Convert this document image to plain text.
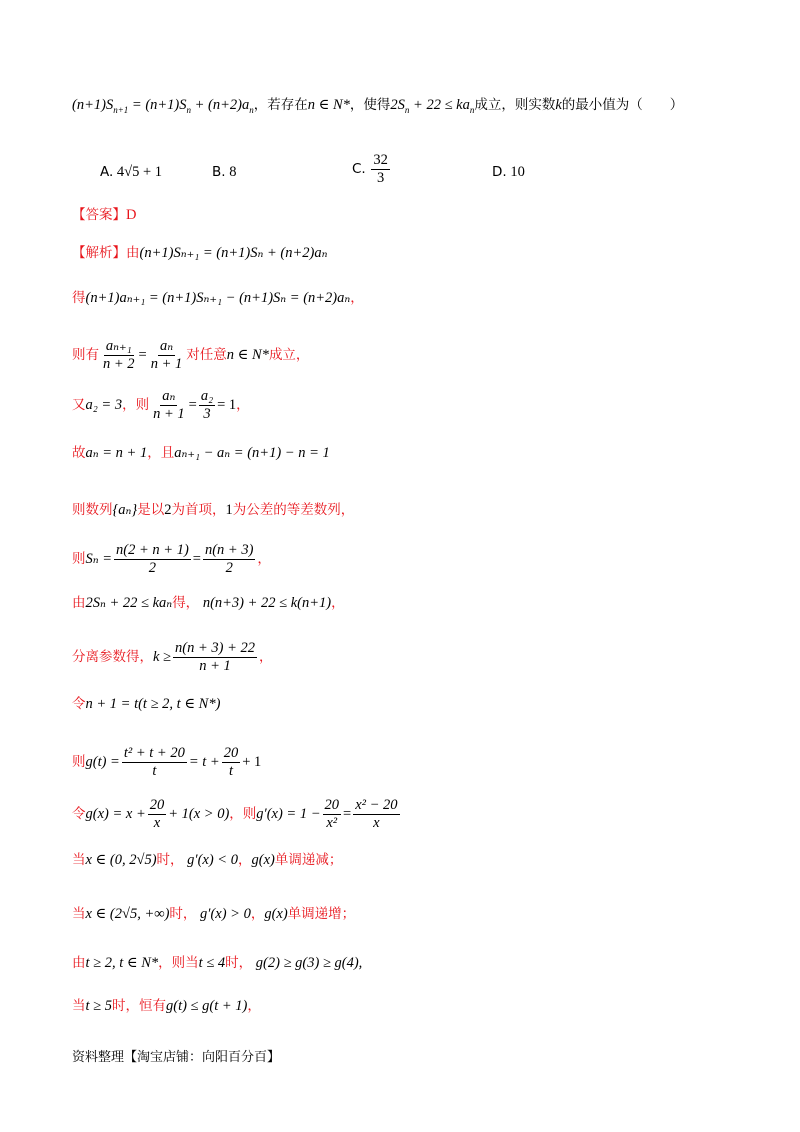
$(n+1)S_{n+1} = (n+1)S_n + (n+2)a_n$，若存在n ∈ N*，使得$2S_n + 22 \le ka_n$成立，则实数k的最小值为（　　）
A. 4√5 + 1	B. 8	C. $\frac{32}{3}$	D. 10
【答案】D
【解析】由(n+1)Sₙ₊₁ = (n+1)Sₙ + (n+2)aₙ
得(n+1)aₙ₊₁ = (n+1)Sₙ₊₁ − (n+1)Sₙ = (n+2)aₙ，
则有 $\frac{\text{aₙ₊₁}}{n + 2} = \frac{\text{aₙ}}{n + 1}$ 对任意n ∈ N*成立，
又a₂ = 3，则 $\frac{\text{aₙ}}{n + 1} = \frac{\text{a₂}}{3} = 1$，
故aₙ = n + 1，且aₙ₊₁ − aₙ = (n+1) − n = 1
则数列{aₙ}是以2为首项，1为公差的等差数列，
则$S_n = \frac{n(2 + n + 1)}{2} = \frac{n(n + 3)}{2}$ ，
由2Sₙ + 22 ≤ kaₙ得， n(n+3) + 22 ≤ k(n+1)，
分离参数得，$k \ge \frac{n(n + 3) + 22}{n + 1}$ ，
令n + 1 = t(t ≥ 2, t ∈ N*)
则$g(t) = \frac{\text{t² + t + 20}}{t} = t + \frac{20}{t} + 1$
令$g(x) = x + \frac{20}{x} + 1(x > 0)$，则$g'(x) = 1 - \frac{20}{\text{x²}} = \frac{\text{x² − 20}}{x}$
当x ∈ (0, 2√5)时， g′(x) < 0，g(x)单调递减；
当x ∈ (2√5, +∞)时， g′(x) > 0，g(x)单调递增；
由t ≥ 2, t ∈ N*，则当t ≤ 4时， g(2) ≥ g(3) ≥ g(4),
当t ≥ 5时，恒有g(t) ≤ g(t + 1)，
资料整理【淘宝店铺：向阳百分百】
